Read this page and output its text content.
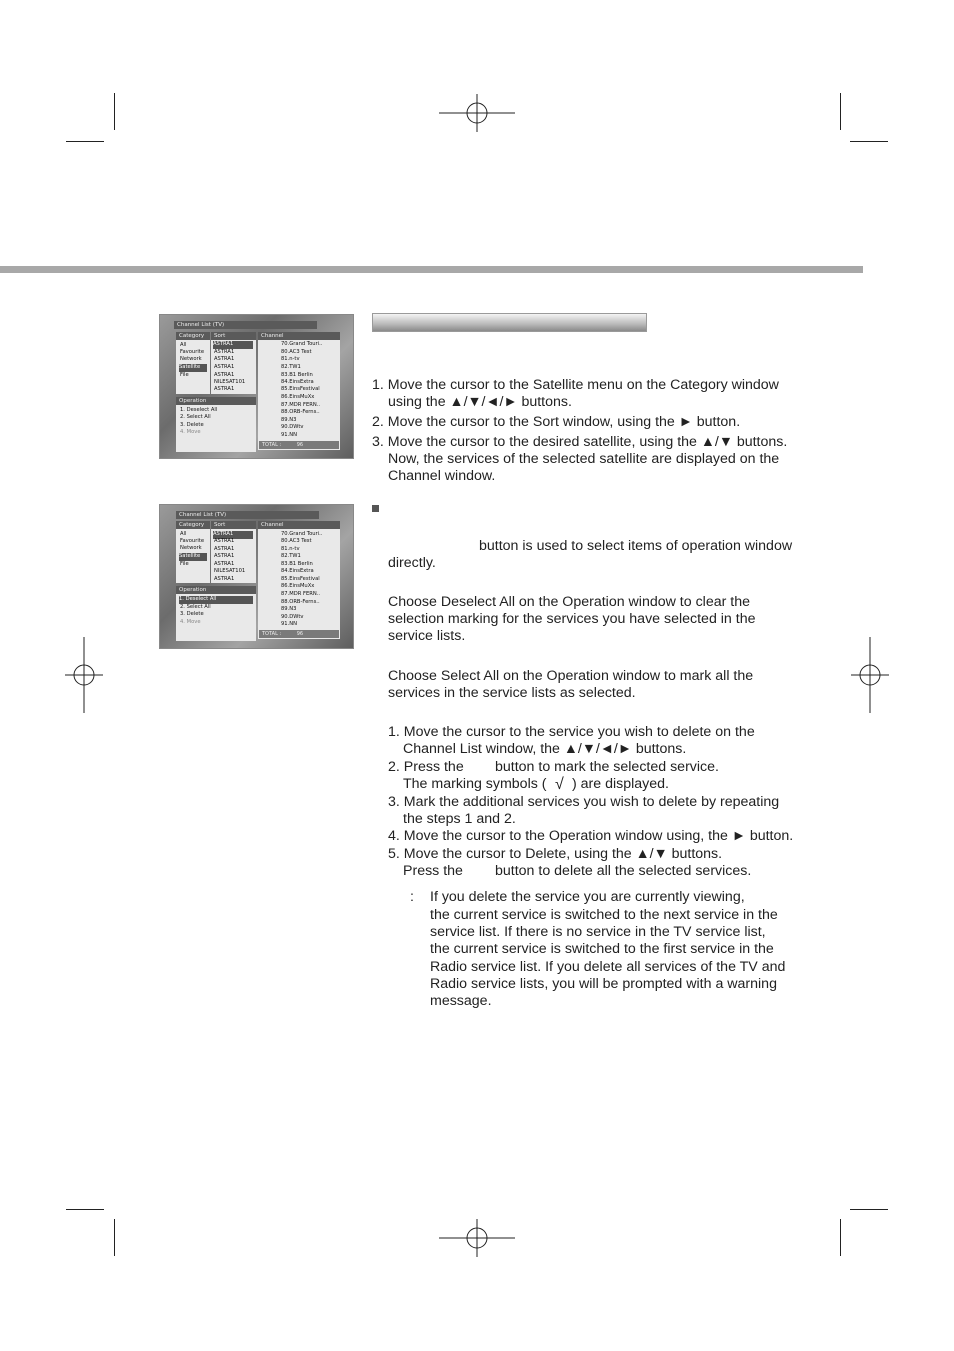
Channel List (TV)
Category
All
Favourite
Network
Satellite
File
Sort
ASTRA1
ASTRA1
ASTRA1
ASTRA1
ASTRA1
NILESAT101
ASTRA1
Channel
70.Grand Touri..
80.AC3 Test
81.n-tv
82.TW1
83.B1 Berlin
84.EinsExtra
85.EinsFestival
86.EinsMuXx
87.MDR FERN..
88.ORB-Ferns..
89.N3
90.DWtv
91.NN
TOTAL :	96
Operation
1. Deselect All
2. Select All
3. Delete
4. Move
Channel List (TV)
Category
All
Favourite
Network
Satellite
File
Sort
ASTRA1
ASTRA1
ASTRA1
ASTRA1
ASTRA1
NILESAT101
ASTRA1
Channel
70.Grand Touri..
80.AC3 Test
81.n-tv
82.TW1
83.B1 Berlin
84.EinsExtra
85.EinsFestival
86.EinsMuXx
87.MDR FERN..
88.ORB-Ferns..
89.N3
90.DWtv
91.NN
TOTAL :	96
Operation
1. Deselect All
2. Select All
3. Delete
4. Move
1. Move the cursor to the Satellite menu on the Category window
using the ▲/▼/◄/► buttons.
2. Move the cursor to the Sort window, using the ► button.
3. Move the cursor to the desired satellite, using the ▲/▼ buttons.
Now, the services of the selected satellite are displayed on the
Channel window.
button is used to select items of operation window
directly.
Choose Deselect All on the Operation window to clear the
selection marking for the services you have selected in the
service lists.
Choose Select All on the Operation window to mark all the
services in the service lists as selected.
1. Move the cursor to the service you wish to delete on the
Channel List window, the ▲/▼/◄/► buttons.
2. Press the button to mark the selected service.
The marking symbols ( √ ) are displayed.
3. Mark the additional services you wish to delete by repeating
the steps 1 and 2.
4. Move the cursor to the Operation window using, the ► button.
5. Move the cursor to Delete, using the ▲/▼ buttons.
Press the button to delete all the selected services.
: If you delete the service you are currently viewing,
the current service is switched to the next service in the
service list. If there is no service in the TV service list,
the current service is switched to the first service in the
Radio service list. If you delete all services of the TV and
Radio service lists, you will be prompted with a warning
message.
